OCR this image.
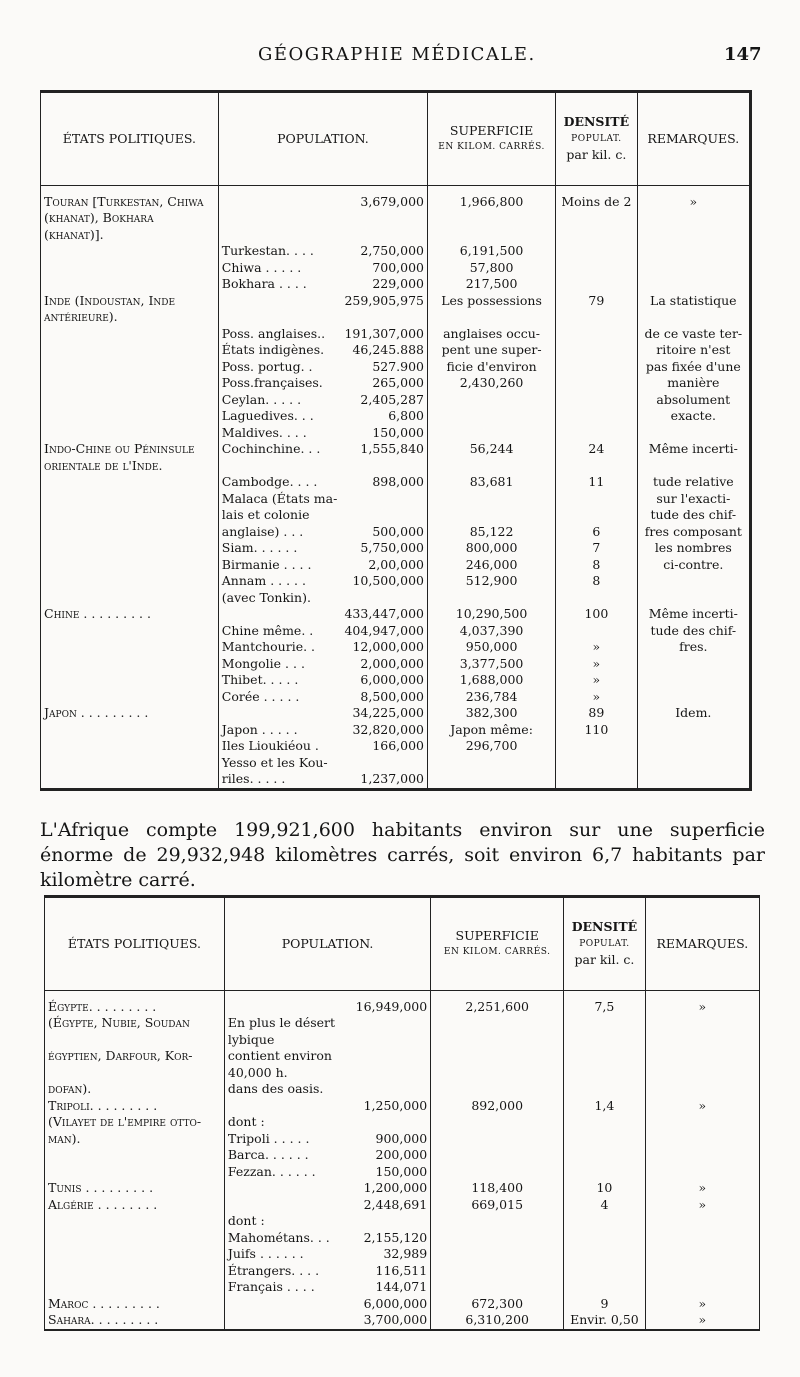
GÉOGRAPHIE MÉDICALE.	147
ÉTATS POLITIQUES.	POPULATION.		SUPERFICIE
EN KILOM. CARRÉS.	DENSITÉ
POPULAT.
par kil. c.	REMARQUES.

Touran [Turkestan, Chiwa (khanat), Bokhara (khanat)].		3,679,000	1,966,800	Moins de 2	»
	Turkestan. . . .	2,750,000	6,191,500		
	Chiwa . . . . .	700,000	57,800		
	Bokhara . . . .	229,000	217,500		
Inde (Indoustan, Inde antérieure).		259,905,975	Les possessions	79	La statistique
	Poss. anglaises..	191,307,000	anglaises occu-		de ce vaste ter-
	États indigènes.	46,245.888	pent une super-		ritoire n'est
	Poss. portug. .	527.900	ficie d'environ		pas fixée d'une
	Poss.françaises.	265,000	2,430,260		manière
	Ceylan. . . . .	2,405,287			absolument
	Laguedives. . .	6,800			exacte.
	Maldives. . . .	150,000			
Indo-Chine ou Péninsule orientale de l'Inde.	Cochinchine. . .	1,555,840	56,244	24	Même incerti-
	Cambodge. . . .	898,000	83,681	11	tude relative
	Malaca (États ma-				sur l'exacti-
	lais et colonie				tude des chif-
	anglaise) . . .	500,000	85,122	6	fres composant
	Siam. . . . . .	5,750,000	800,000	7	les nombres
	Birmanie . . . .	2,00,000	246,000	8	ci-contre.
	Annam . . . . .	10,500,000	512,900	8	
	(avec Tonkin).				
Chine . . . . . . . . .		433,447,000	10,290,500	100	Même incerti-
	Chine même. .	404,947,000	4,037,390		tude des chif-
	Mantchourie. .	12,000,000	950,000	»	fres.
	Mongolie . . .	2,000,000	3,377,500	»	
	Thibet. . . . .	6,000,000	1,688,000	»	
	Corée . . . . .	8,500,000	236,784	»	
Japon . . . . . . . . .		34,225,000	382,300	89	Idem.
	Japon . . . . .	32,820,000	Japon même:	110	
	Iles Lioukiéou .	166,000	296,700		
	Yesso et les Kou-				
	riles. . . . .	1,237,000			
L'Afrique compte 199,921,600 habitants environ sur une superficie énorme de 29,932,948 kilomètres carrés, soit environ 6,7 habitants par kilomètre carré.
ÉTATS POLITIQUES.	POPULATION.		SUPERFICIE
EN KILOM. CARRÉS.	DENSITÉ
POPULAT.
par kil. c.	REMARQUES.

Égypte. . . . . . . . .		16,949,000	2,251,600	7,5	»
(Égypte, Nubie, Soudan	En plus le désert lybique				
égyptien, Darfour, Kor-	contient environ 40,000 h.				
dofan).	dans des oasis.				
Tripoli. . . . . . . . .		1,250,000	892,000	1,4	»
(Vilayet de l'empire otto-	dont :				
man).	Tripoli . . . . .	900,000			
	Barca. . . . . .	200,000			
	Fezzan. . . . . .	150,000			
Tunis . . . . . . . . .		1,200,000	118,400	10	»
Algérie . . . . . . . .		2,448,691	669,015	4	»
	dont :				
	Mahométans. . .	2,155,120			
	Juifs . . . . . .	32,989			
	Étrangers. . . .	116,511			
	Français . . . .	144,071			
Maroc . . . . . . . . .		6,000,000	672,300	9	»
Sahara. . . . . . . . .		3,700,000	6,310,200	Envir. 0,50	»
